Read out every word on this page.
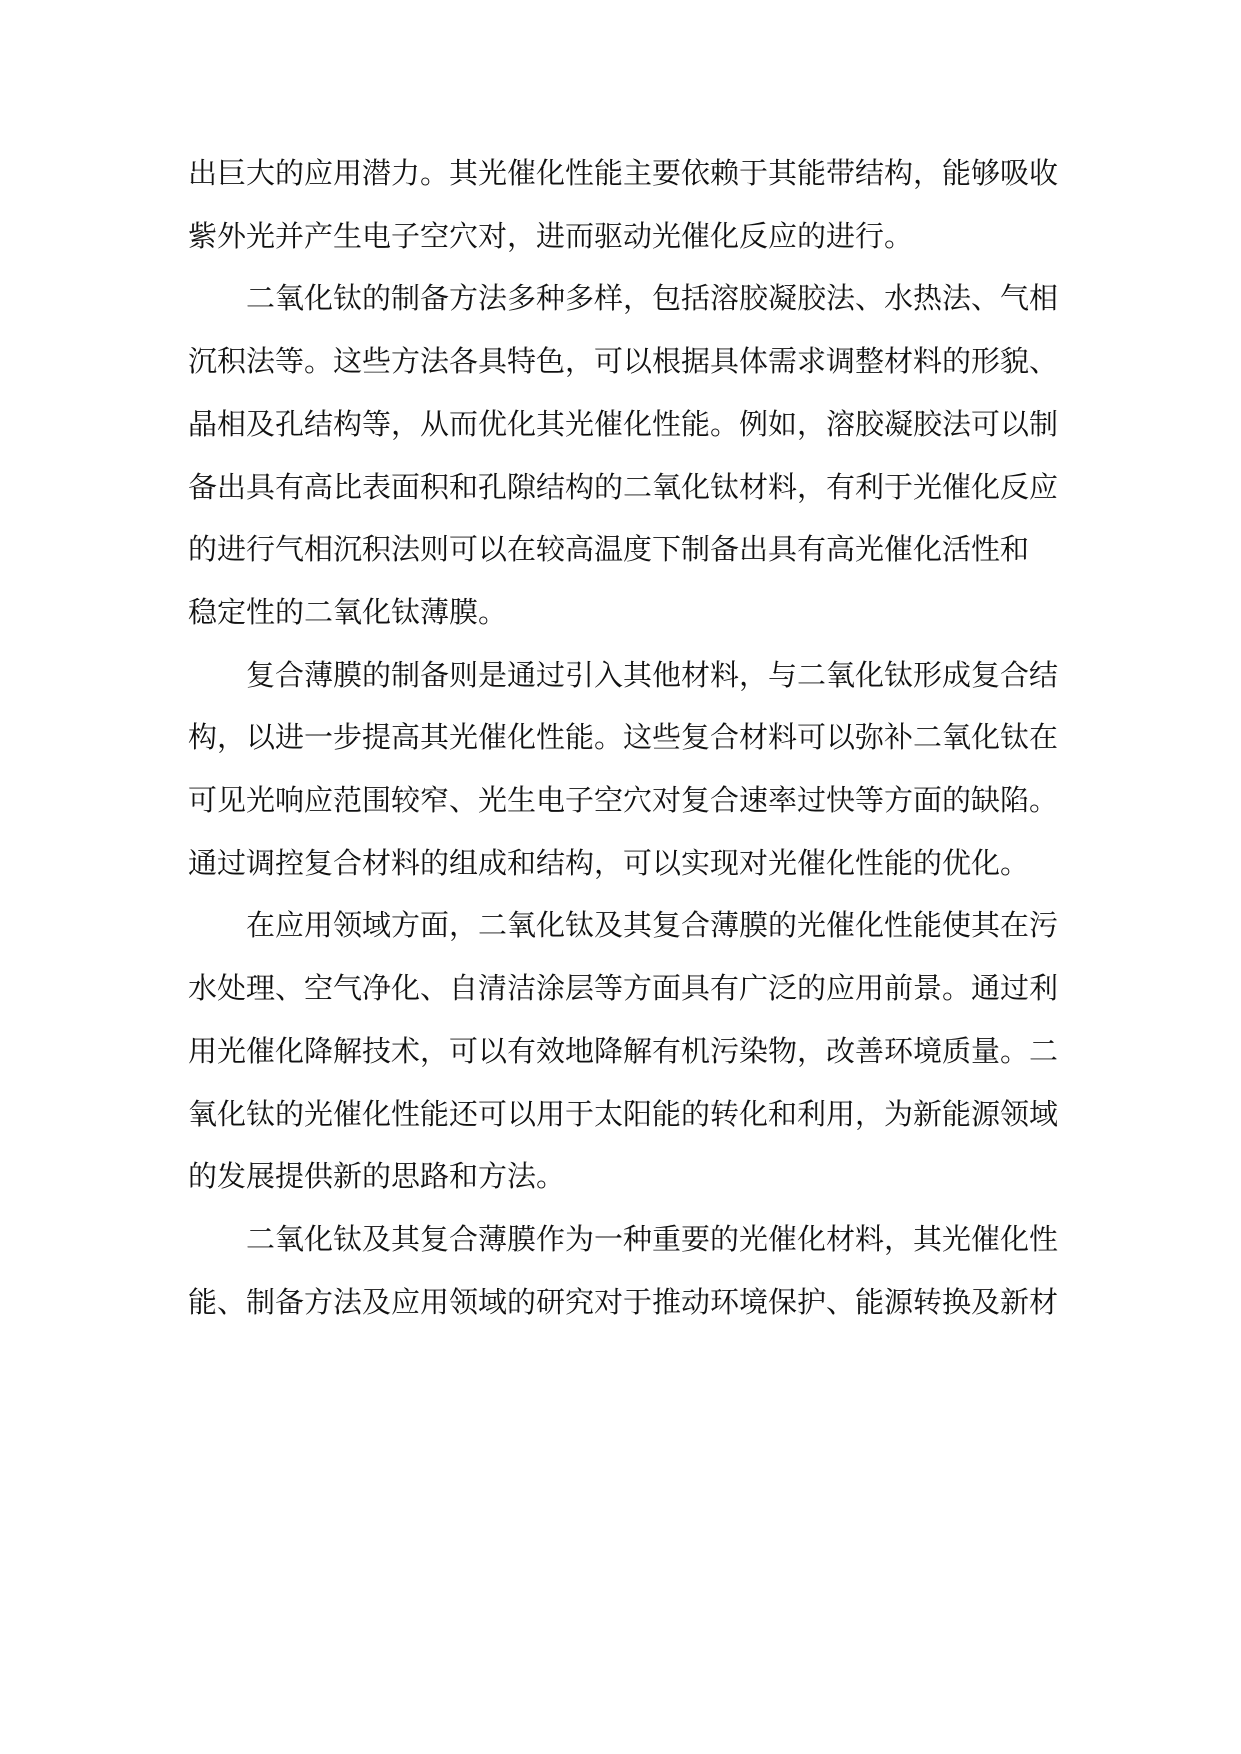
出巨大的应用潜力。其光催化性能主要依赖于其能带结构，能够吸收
紫外光并产生电子空穴对，进而驱动光催化反应的进行。

二氧化钛的制备方法多种多样，包括溶胶凝胶法、水热法、气相
沉积法等。这些方法各具特色，可以根据具体需求调整材料的形貌、
晶相及孔结构等，从而优化其光催化性能。例如，溶胶凝胶法可以制
备出具有高比表面积和孔隙结构的二氧化钛材料，有利于光催化反应
的进行气相沉积法则可以在较高温度下制备出具有高光催化活性和
稳定性的二氧化钛薄膜。

复合薄膜的制备则是通过引入其他材料，与二氧化钛形成复合结
构，以进一步提高其光催化性能。这些复合材料可以弥补二氧化钛在
可见光响应范围较窄、光生电子空穴对复合速率过快等方面的缺陷。
通过调控复合材料的组成和结构，可以实现对光催化性能的优化。

在应用领域方面，二氧化钛及其复合薄膜的光催化性能使其在污
水处理、空气净化、自清洁涂层等方面具有广泛的应用前景。通过利
用光催化降解技术，可以有效地降解有机污染物，改善环境质量。二
氧化钛的光催化性能还可以用于太阳能的转化和利用，为新能源领域
的发展提供新的思路和方法。

二氧化钛及其复合薄膜作为一种重要的光催化材料，其光催化性
能、制备方法及应用领域的研究对于推动环境保护、能源转换及新材
